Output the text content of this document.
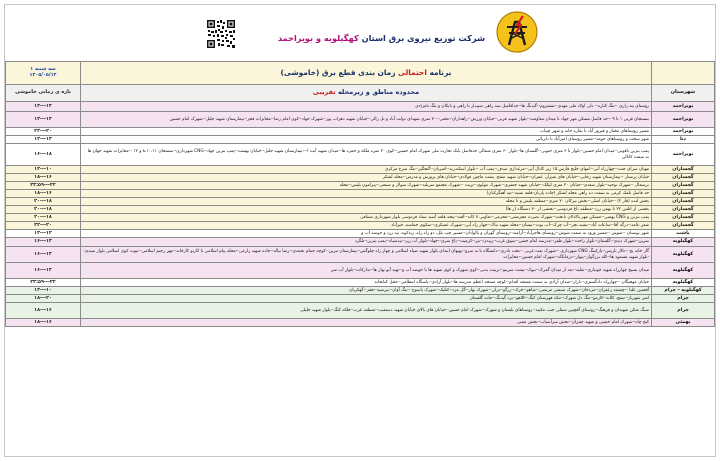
شرکت توزیع نیروی برق استان کهگیلویه و بویراحمد
	برنامه احتمالی زمان بندی قطع برق (خاموشی)	سه شنبه ۱
۱۴۰۵/۰۵/۱۳

شهرستان	محدوده مناطق و زیرمحله تقریبی	بازه ی زمانی خاموشی
بویراحمد	روستای پته زاری --تنگ کناره-- دلی اولاد ملی مهدی--ششروم--گیدنگ ها--حداقامیل سه راهی سپیدار تا راهی و بابکان و تنگ تامرادی	۱۴---۱۲
بویراحمد	بنستجان قرنی ۱ تا ۹ --حد فاصل مسکن مهر جهاد تا میدان مقاومت--بلوار شهید قرنی--خیابان ورزش--راهداران--نخعی--۳۰ متری شهدای دولت آباد و تل زالی--خیابان شهید دهراب پور--شهرک جهاد--کوی امام رضا--مخابرات فجر--بیمارستان شهید جلیل--شهرک امام حسین	۱۴---۱۲
بویراحمد	مسیر روستاهای مختار و فیروز آباد تا نقاره خانه و شهر چیتاب	۲۰---۲۲
دنا	شهر سخت و روستاهای حومه--مسیر روستای امیرآباد تا دلربائی	۱۴---۱۲
بویراحمد	پمپ بنزین یاقوتی--میدان امام حسین--بلوار تا ۶ متری جنوبی--گلستان ها--بلوار ۶۰ متری شمالی حدفاصل بانک تجارت ملی شهرک امام حسین--کوی ۲۰ متره ملکه و حمزه ها--میدان شهید آیت ا---بیمارستان شهید جلیل--خیابان بهشت--پمپ بنزین جهاد--CNG شهرداری--بنستجان ۸،۱۰،۱۱ و ۱۲ --مخابرات شهید جهان ها به سمت کاتالن	۱۸---۱۶
گچساران	مهیان سرای جنت--چهارراه آبی--انتهای خلیج فارس ۱۵ زیر کانال آبی--مرغداری صدف--پمپ آب --بلوار اسکندریه--امیربان--گنجگیر--تنگ سرخ مرکزی	۱۰---۱۲
گچساران	خیابان پرستار --بیمارستان شهید رجایی--خیابان های شیراز، عمران--خیابان شهید مفتح، پشت ماچین فولادی--خیابان های پرورش و مدرس--محله لشکر	۱۶---۱۸
گچساران	نرسمال --شهرک توحید--بلوار سعدی--خیابان ۲۰ متری لیکک--خیابان شهید جعفری--شهرک مولوی--تربت --شهرک مجتمع سربلند--شهرک سولار و صنعتی--پیرامون پلیس--محله	۲۲---۲۳:۵۹
گچساران	حد فاصل تلفک کرمی به سمت ده راهی محله لشکر (جاده پازنان-قلعه شنبه--تپه آهنگرکیان)	۱۶---۱۸
گچساران	بخش لنده (فاز ۲) --خیابان اصلی--بخش تیرکان ۲۰ متری--منطقه پلیس و تا محله	۱۸---۲۰
گچساران	بخشی از اتلس ۲۲ تا بهمن زرد--منطقه باغ فردوسی--بخشی از ۳۰ دستگاه (ر ها)	۱۸---۲۰
گچساران	پمپ بنزین و CNG بهمنی--مسکن مهر پاکدلان تانخت--شهرک نصرت مجرتشی--محرمی--تعاونی ۷ کانه--آقبه--پنجه قلعه آسید ستاد فردوسی بلوار شهرداری شفافی	۱۸---۲۰
گچساران	شعر عامه--درگه آقا--ساعات آباد--نشید نجر--آب چرک--آب نوت--نیسان--محله شهید تباک--چهار راه آبی--شهرک عسکری--سکوی حماسه، خیرآباد	۲۰---۲۲
باشت	شهر بوسنان --شوش --مسیر ورود به سمت شوش--روستای هاجرآباد--آرامنه--روستای گهران و یالوادان--مسیر چپ بلل، دو راه راه، ریدکوه، بید زرد و حوضه آب و	۱۲---۱۴
کهگیلویه	سرین--شهرک دیدی--گلستان--بلوار راحت--بلوار ظفر--مدرسه امام حسن--سوق غرب--زیبدن--نیر--کرمیت--باغ سری--جهاد--بلوار آب ریز--بیدسیاه--پمپ بنزین--تلگرد	۱۴---۱۶
کهگیلویه	گار خانه یخ --تالار بازیس--پارکینگ CNG شهرداری --شهرک نفت غربی --تخت نادری--دانشگاه تا به سرو--بهبهان ابتدای بلوار شهید ضیاء اسلامی و چهار راه چلوگس--بیمارستان تبرین--کوچه حمام نحمدی--رضا تپاله--جاده شهید زارعی--محله پیام اسلامی تا کارنو کارخانه--مهر رحیم اسلامی--نبوت کوی اسلامی بلوار سیدی--بلوار شهید مسعود ها--کله بزرگوار--پیوار--درمانگاه--شهرک امام حسین--مخابرات	۱۴---۱۶
کهگیلویه	میدان بسیج چهارراه شهید خونباری--نقلیه--بعد از میدان گمرک--بیوک--پشت سرینو--تربیت بدنی--کوی شهرک و کوی شهید ها یا حوضه آب و--تهیه آبو نهار ها--تدارکات--بلوار آب سر	۱۴---۱۶
کهگیلویه	خیابان مهجیگان --چهارراه دادگستری--بازار--میدان آزادی به سمت مسجد اقدام--کوچه مسجد اعظم مدرسه ها--بلوار آزادی--پاسگاه انتظامی--محل کتابخانه	۲۲---۲۳:۵۹
کهگیلویه - چرام	آقجیین علیا --چشمه زعفران--مرذخان--شهرک صنعتی مرتضی--شاهو--خرک--زرگو--ترلی--شهرک بهار--گل مرد--کتلیک--شهرک یاسوج --تنگ آوان--بیرسیه--فجر--گهکریان	۱۰---۱۲
چرام	امیر شهریار--تیمچ، کلانه--کازمو--تنگ دل شهرک--تنکه فهرستان کنگ--کلاهو--برد گیدنگ--جاده گلستان	۲۰---۱۸
چرام	سنگ شکن شهیدان و فرهنگ--روستای آقچیین سفلی جنب مکینه--روستاهای بلیسان و شهرک--شهرک امام حسین--خیابان های بالای خیابان شهید دستغیب--منطقه غرب--فلکه کنگ--بلوار شهید جلیلی	۱۶---۱۸
بهمئی	کنج چاه--شهرک امام خمینی و شهید چمران--بخش سرآسیاب--بخش ممبی	۱۶---۱۸
